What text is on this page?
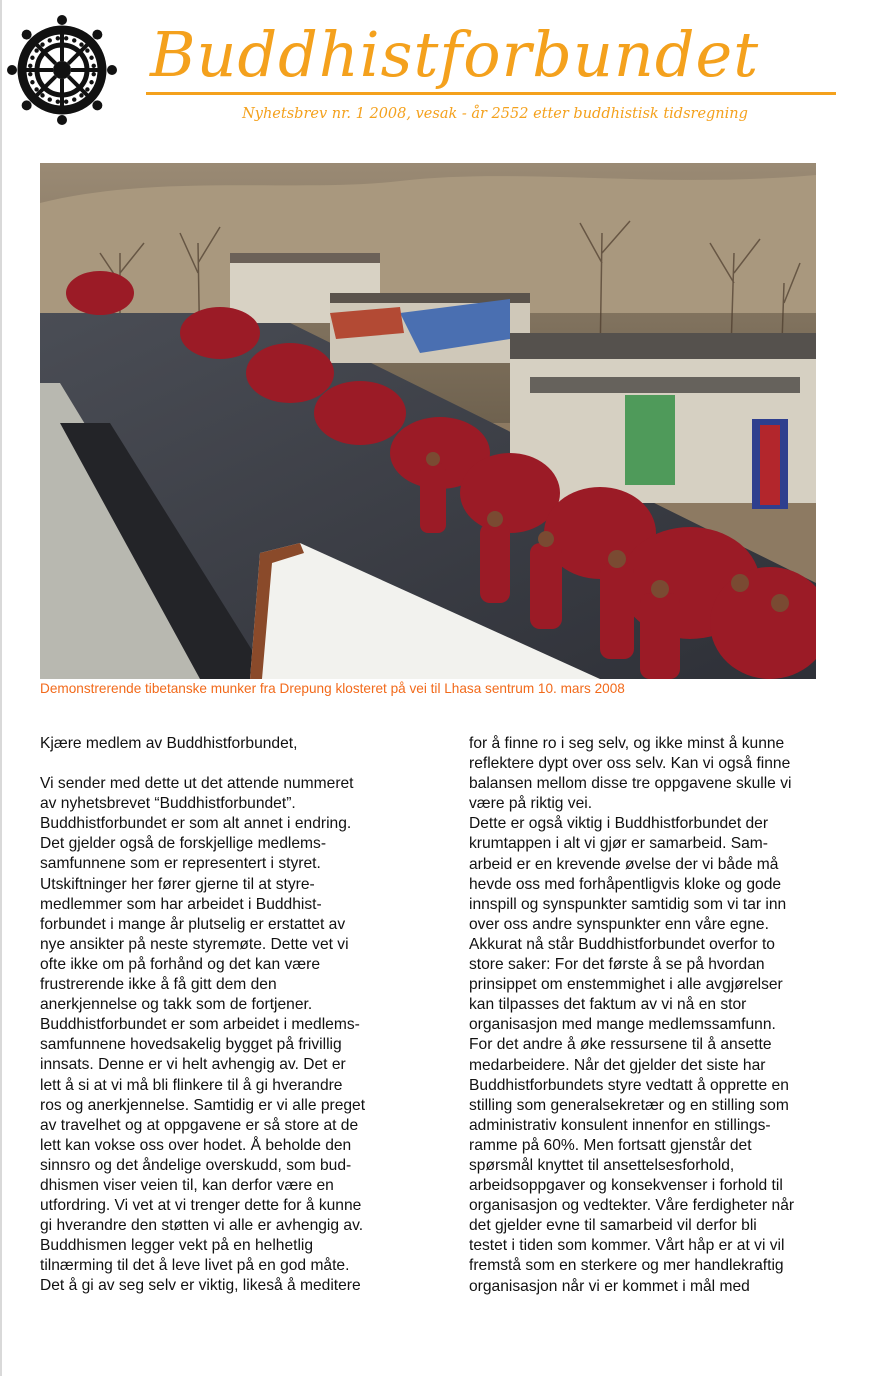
Buddhistforbundet
Nyhetsbrev nr. 1 2008, vesak - år 2552 etter buddhistisk tidsregning
Demonstrerende tibetanske munker fra Drepung klosteret på vei til Lhasa sentrum 10. mars 2008

Kjære medlem av Buddhistforbundet,

Vi sender med dette ut det attende nummeret

av nyhetsbrevet “Buddhistforbundet”.

Buddhistforbundet er som alt annet i endring.

Det gjelder også de forskjellige medlems-

samfunnene som er representert i styret.

Utskiftninger her fører gjerne til at styre-

medlemmer som har arbeidet i Buddhist-

forbundet i mange år plutselig er erstattet av

nye ansikter på neste styremøte. Dette vet vi

ofte ikke om på forhånd og det kan være

frustrerende ikke å få gitt dem den

anerkjennelse og takk som de fortjener.

Buddhistforbundet er som arbeidet i medlems-

samfunnene hovedsakelig bygget på frivillig

innsats. Denne er vi helt avhengig av. Det er

lett å si at vi må bli flinkere til å gi hverandre

ros og anerkjennelse. Samtidig er vi alle preget

av travelhet og at oppgavene er så store at de

lett kan vokse oss over hodet. Å beholde den

sinnsro og det åndelige overskudd, som bud-

dhismen viser veien til, kan derfor være en

utfordring. Vi vet at vi trenger dette for å kunne

gi hverandre den støtten vi alle er avhengig av.

Buddhismen legger vekt på en helhetlig

tilnærming til det å leve livet på en god måte.

Det å gi av seg selv er viktig, likeså å meditere

for å finne ro i seg selv, og ikke minst å kunne

reflektere dypt over oss selv. Kan vi også finne

balansen mellom disse tre oppgavene skulle vi

være på riktig vei.

Dette er også viktig i Buddhistforbundet der

krumtappen i alt vi gjør er samarbeid. Sam-

arbeid er en krevende øvelse der vi både må

hevde oss med forhåpentligvis kloke og gode

innspill og synspunkter samtidig som vi tar inn

over oss andre synspunkter enn våre egne.

Akkurat nå står Buddhistforbundet overfor to

store saker: For det første å se på hvordan

prinsippet om enstemmighet i alle avgjørelser

kan tilpasses det faktum av vi nå en stor

organisasjon med mange medlemssamfunn.

For det andre å øke ressursene til å ansette

medarbeidere. Når det gjelder det siste har

Buddhistforbundets styre vedtatt å opprette en

stilling som generalsekretær og en stilling som

administrativ konsulent innenfor en stillings-

ramme på 60%. Men fortsatt gjenstår det

spørsmål knyttet til ansettelsesforhold,

arbeidsoppgaver og konsekvenser i forhold til

organisasjon og vedtekter. Våre ferdigheter når

det gjelder evne til samarbeid vil derfor bli

testet i tiden som kommer. Vårt håp er at vi vil

fremstå som en sterkere og mer handlekraftig

organisasjon når vi er kommet i mål med
